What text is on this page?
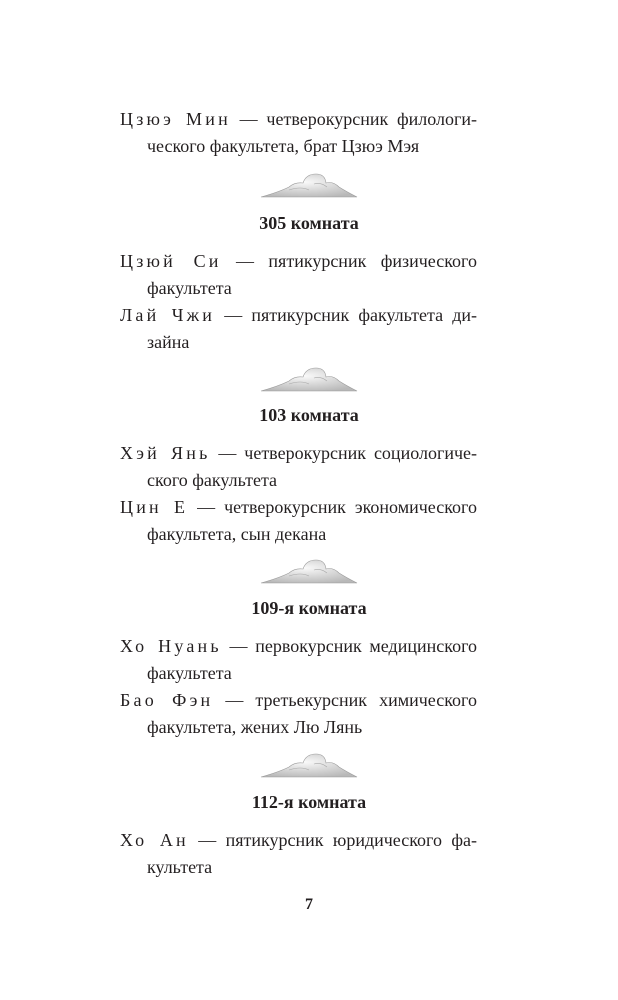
Цзюэ Мин — четверокурсник филологи-
ческого факультета, брат Цзюэ Мэя
305 комната
Цзюй Си — пятикурсник физического
факультета
Лай Чжи — пятикурсник факультета ди-
зайна
103 комната
Хэй Янь — четверокурсник социологиче-
ского факультета
Цин Е — четверокурсник экономического
факультета, сын декана
109-я комната
Хо Нуань — первокурсник медицинского
факультета
Бао Фэн — третьекурсник химического
факультета, жених Лю Лянь
112-я комната
Хо Ан — пятикурсник юридического фа-
культета
7
